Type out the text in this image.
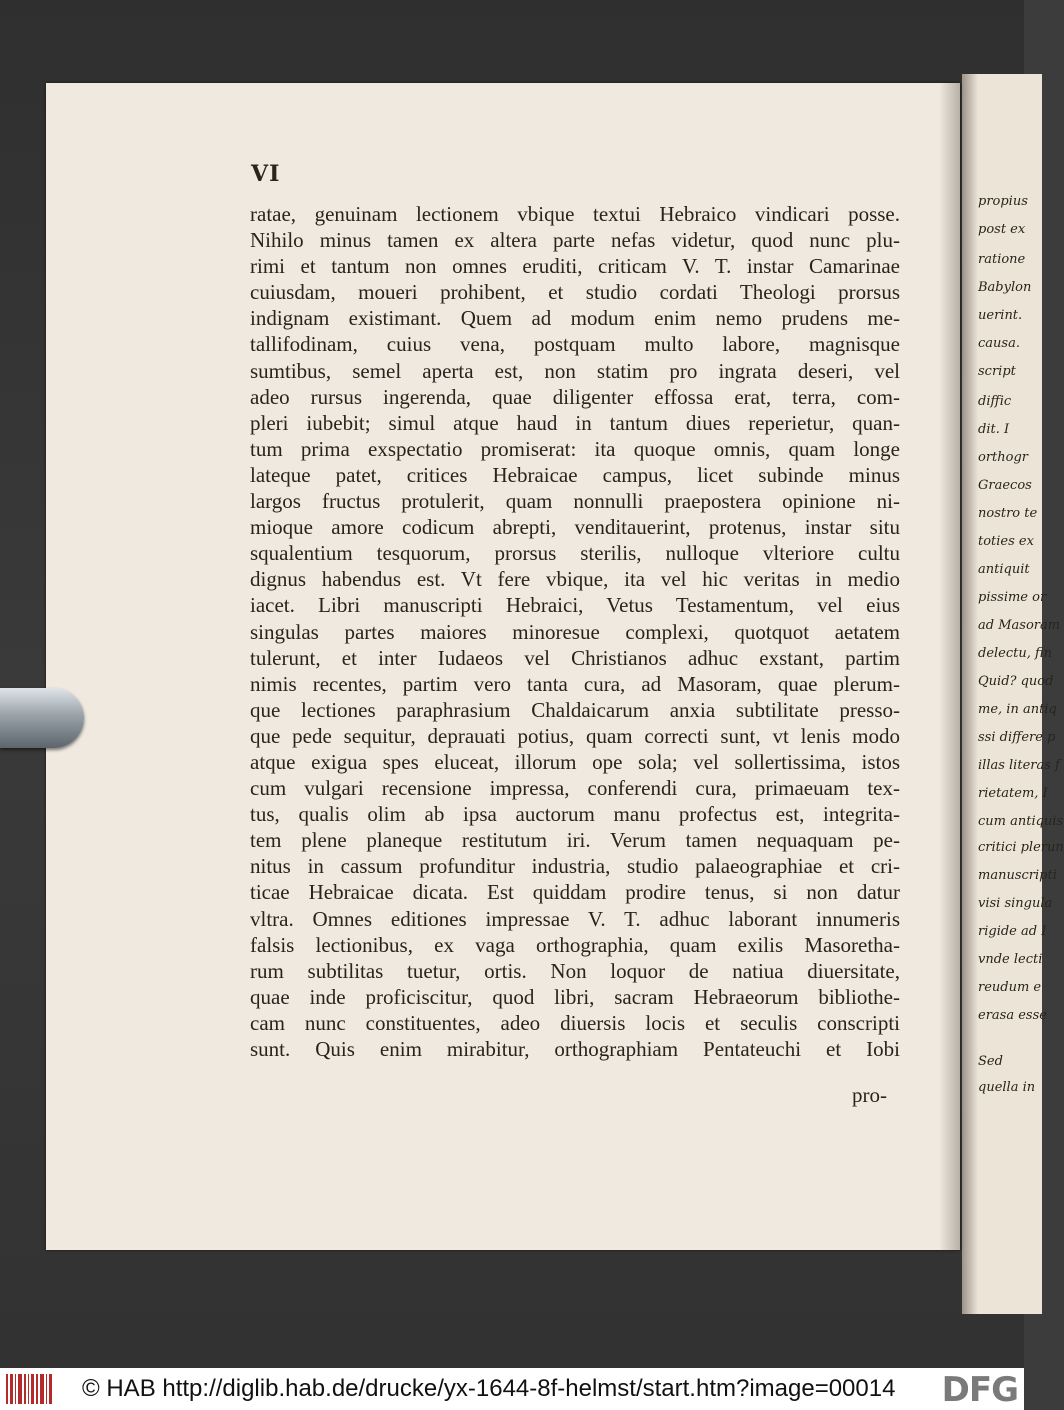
propius
post ex
ratione
Babylon
uerint.
causa.
script
diffic
dit. I
orthogr
Graecos
nostro te
toties ex
antiquit
pissime or
ad Masoram
delectu, fin
Quid? quod
me, in antiq
ssi differe p
illas literas f
rietatem, I
cum antiquis
critici plerun
manuscripti
visi singula
rigide ad I
vnde lecti
reudum e
erasa esse
Sed
quella in
VI
ratae, genuinam lectionem vbique textui Hebraico vindicari posse.
Nihilo minus tamen ex altera parte nefas videtur, quod nunc plu-
rimi et tantum non omnes eruditi, criticam V. T. instar Camarinae
cuiusdam, moueri prohibent, et studio cordati Theologi prorsus
indignam existimant. Quem ad modum enim nemo prudens me-
tallifodinam, cuius vena, postquam multo labore, magnisque
sumtibus, semel aperta est, non statim pro ingrata deseri, vel
adeo rursus ingerenda, quae diligenter effossa erat, terra, com-
pleri iubebit; simul atque haud in tantum diues reperietur, quan-
tum prima exspectatio promiserat: ita quoque omnis, quam longe
lateque patet, critices Hebraicae campus, licet subinde minus
largos fructus protulerit, quam nonnulli praepostera opinione ni-
mioque amore codicum abrepti, venditauerint, protenus, instar situ
squalentium tesquorum, prorsus sterilis, nulloque vlteriore cultu
dignus habendus est. Vt fere vbique, ita vel hic veritas in medio
iacet. Libri manuscripti Hebraici, Vetus Testamentum, vel eius
singulas partes maiores minoresue complexi, quotquot aetatem
tulerunt, et inter Iudaeos vel Christianos adhuc exstant, partim
nimis recentes, partim vero tanta cura, ad Masoram, quae plerum-
que lectiones paraphrasium Chaldaicarum anxia subtilitate presso-
que pede sequitur, deprauati potius, quam correcti sunt, vt lenis modo
atque exigua spes eluceat, illorum ope sola; vel sollertissima, istos
cum vulgari recensione impressa, conferendi cura, primaeuam tex-
tus, qualis olim ab ipsa auctorum manu profectus est, integrita-
tem plene planeque restitutum iri. Verum tamen nequaquam pe-
nitus in cassum profunditur industria, studio palaeographiae et cri-
ticae Hebraicae dicata. Est quiddam prodire tenus, si non datur
vltra. Omnes editiones impressae V. T. adhuc laborant innumeris
falsis lectionibus, ex vaga orthographia, quam exilis Masoretha-
rum subtilitas tuetur, ortis. Non loquor de natiua diuersitate,
quae inde proficiscitur, quod libri, sacram Hebraeorum bibliothe-
cam nunc constituentes, adeo diuersis locis et seculis conscripti
sunt. Quis enim mirabitur, orthographiam Pentateuchi et Iobi
pro-
© HAB http://diglib.hab.de/drucke/yx-1644-8f-helmst/start.htm?image=00014 DFG
